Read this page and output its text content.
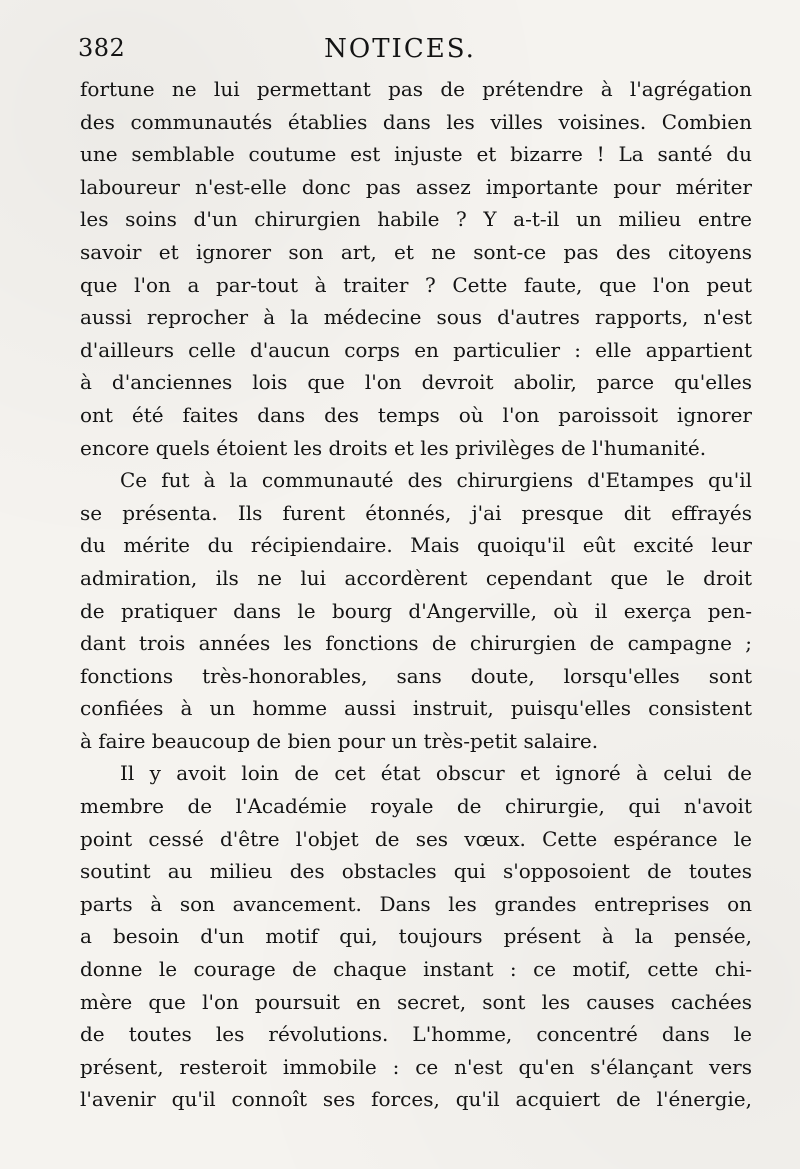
382	NOTICES.
fortune ne lui permettant pas de prétendre à l'agrégation
des communautés établies dans les villes voisines. Combien
une semblable coutume est injuste et bizarre ! La santé du
laboureur n'est-elle donc pas assez importante pour mériter
les soins d'un chirurgien habile ? Y a-t-il un milieu entre
savoir et ignorer son art, et ne sont-ce pas des citoyens
que l'on a par-tout à traiter ? Cette faute, que l'on peut
aussi reprocher à la médecine sous d'autres rapports, n'est
d'ailleurs celle d'aucun corps en particulier : elle appartient
à d'anciennes lois que l'on devroit abolir, parce qu'elles
ont été faites dans des temps où l'on paroissoit ignorer
encore quels étoient les droits et les privilèges de l'humanité.
Ce fut à la communauté des chirurgiens d'Etampes qu'il
se présenta. Ils furent étonnés, j'ai presque dit effrayés
du mérite du récipiendaire. Mais quoiqu'il eût excité leur
admiration, ils ne lui accordèrent cependant que le droit
de pratiquer dans le bourg d'Angerville, où il exerça pen-
dant trois années les fonctions de chirurgien de campagne ;
fonctions très-honorables, sans doute, lorsqu'elles sont
confiées à un homme aussi instruit, puisqu'elles consistent
à faire beaucoup de bien pour un très-petit salaire.
Il y avoit loin de cet état obscur et ignoré à celui de
membre de l'Académie royale de chirurgie, qui n'avoit
point cessé d'être l'objet de ses vœux. Cette espérance le
soutint au milieu des obstacles qui s'opposoient de toutes
parts à son avancement. Dans les grandes entreprises on
a besoin d'un motif qui, toujours présent à la pensée,
donne le courage de chaque instant : ce motif, cette chi-
mère que l'on poursuit en secret, sont les causes cachées
de toutes les révolutions. L'homme, concentré dans le
présent, resteroit immobile : ce n'est qu'en s'élançant vers
l'avenir qu'il connoît ses forces, qu'il acquiert de l'énergie,
